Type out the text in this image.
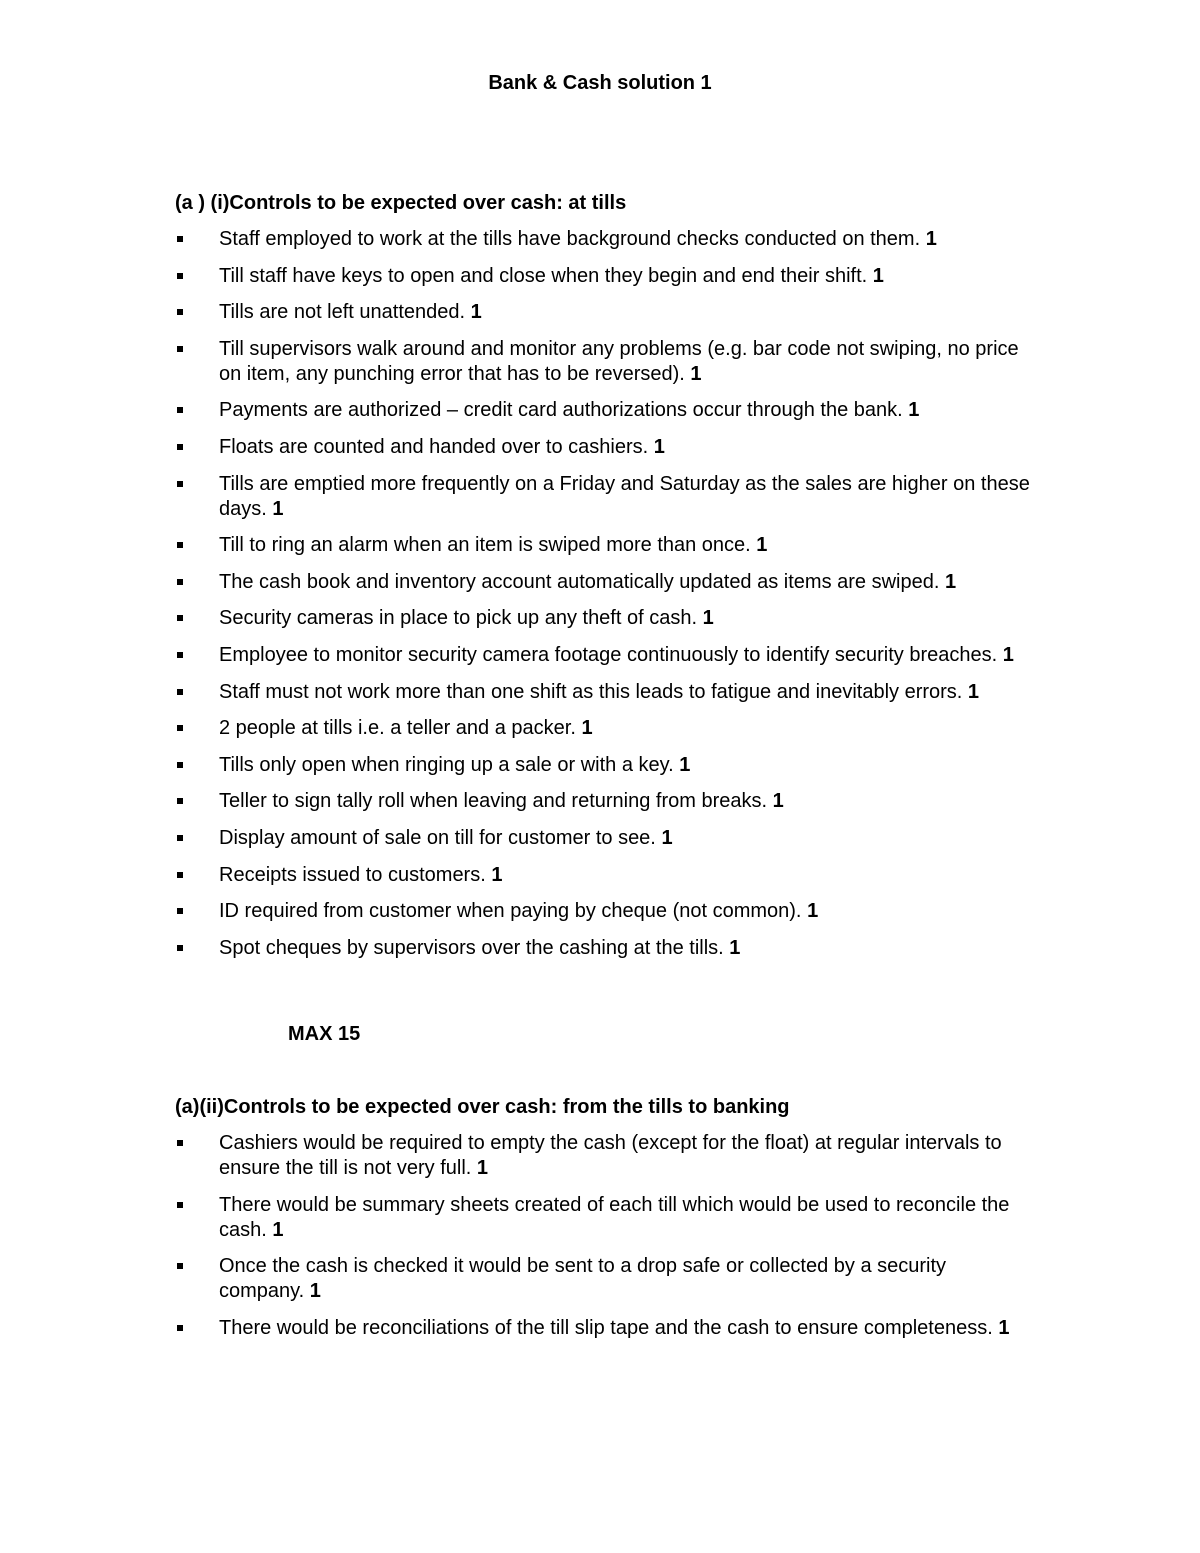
Bank & Cash solution 1
(a ) (i)Controls to be expected over cash: at tills
Staff employed to work at the tills have background checks conducted on them. 1
Till staff have keys to open and close when they begin and end their shift. 1
Tills are not left unattended. 1
Till supervisors walk around and monitor any problems (e.g. bar code not swiping, no price on item, any punching error that has to be reversed). 1
Payments are authorized – credit card authorizations occur through the bank. 1
Floats are counted and handed over to cashiers. 1
Tills are emptied more frequently on a Friday and Saturday as the sales are higher on these days. 1
Till to ring an alarm when an item is swiped more than once. 1
The cash book and inventory account automatically updated as items are swiped. 1
Security cameras in place to pick up any theft of cash. 1
Employee to monitor security camera footage continuously to identify security breaches. 1
Staff must not work more than one shift as this leads to fatigue and inevitably errors. 1
2 people at tills i.e. a teller and a packer. 1
Tills only open when ringing up a sale or with a key. 1
Teller to sign tally roll when leaving and returning from breaks. 1
Display amount of sale on till for customer to see. 1
Receipts issued to customers. 1
ID required from customer when paying by cheque (not common). 1
Spot cheques by supervisors over the cashing at the tills. 1
MAX 15
(a)(ii)Controls to be expected over cash: from the tills to banking
Cashiers would be required to empty the cash (except for the float) at regular intervals to ensure the till is not very full. 1
There would be summary sheets created of each till which would be used to reconcile the cash. 1
Once the cash is checked it would be sent to a drop safe or collected by a security company. 1
There would be reconciliations of the till slip tape and the cash to ensure completeness. 1
